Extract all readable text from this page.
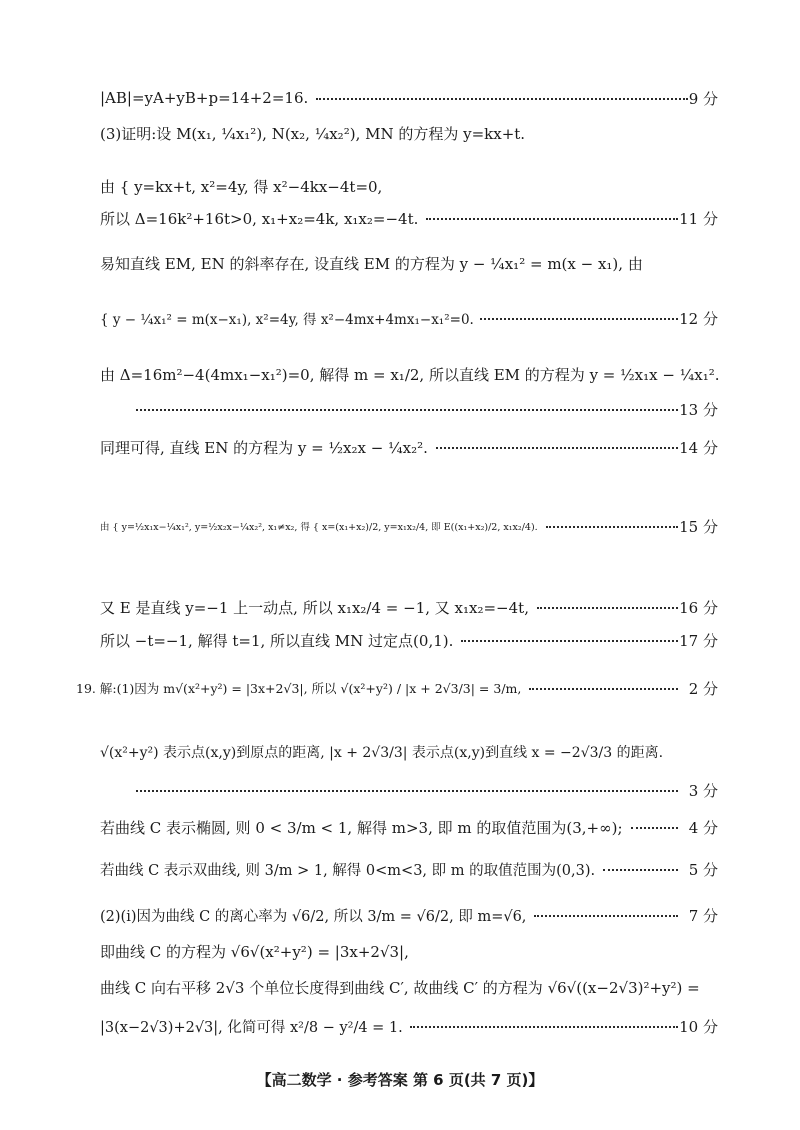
|AB|=yA+yB+p=14+2=16.	9 分
(3)证明:设 M(x₁, ¼x₁²), N(x₂, ¼x₂²), MN 的方程为 y=kx+t.
由 { y=kx+t, x²=4y, 得 x²−4kx−4t=0,
所以 Δ=16k²+16t>0, x₁+x₂=4k, x₁x₂=−4t.	11 分
易知直线 EM, EN 的斜率存在, 设直线 EM 的方程为 y − ¼x₁² = m(x − x₁), 由
{ y − ¼x₁² = m(x−x₁), x²=4y, 得 x²−4mx+4mx₁−x₁²=0.	12 分
由 Δ=16m²−4(4mx₁−x₁²)=0, 解得 m = x₁/2, 所以直线 EM 的方程为 y = ½x₁x − ¼x₁².
13 分
同理可得, 直线 EN 的方程为 y = ½x₂x − ¼x₂².	14 分
由 { y=½x₁x−¼x₁², y=½x₂x−¼x₂², x₁≠x₂, 得 { x=(x₁+x₂)/2, y=x₁x₂/4, 即 E((x₁+x₂)/2, x₁x₂/4).	15 分
又 E 是直线 y=−1 上一动点, 所以 x₁x₂/4 = −1, 又 x₁x₂=−4t,	16 分
所以 −t=−1, 解得 t=1, 所以直线 MN 过定点(0,1).	17 分
19. 解:(1)因为 m√(x²+y²) = |3x+2√3|, 所以 √(x²+y²) / |x + 2√3/3| = 3/m,	2 分
√(x²+y²) 表示点(x,y)到原点的距离, |x + 2√3/3| 表示点(x,y)到直线 x = −2√3/3 的距离.
3 分
若曲线 C 表示椭圆, 则 0 < 3/m < 1, 解得 m>3, 即 m 的取值范围为(3,+∞);	4 分
若曲线 C 表示双曲线, 则 3/m > 1, 解得 0<m<3, 即 m 的取值范围为(0,3).	5 分
(2)(ⅰ)因为曲线 C 的离心率为 √6/2, 所以 3/m = √6/2, 即 m=√6,	7 分
即曲线 C 的方程为 √6√(x²+y²) = |3x+2√3|,
曲线 C 向右平移 2√3 个单位长度得到曲线 C′, 故曲线 C′ 的方程为 √6√((x−2√3)²+y²) =
|3(x−2√3)+2√3|, 化简可得 x²/8 − y²/4 = 1.	10 分
【高二数学 · 参考答案 第 6 页(共 7 页)】
